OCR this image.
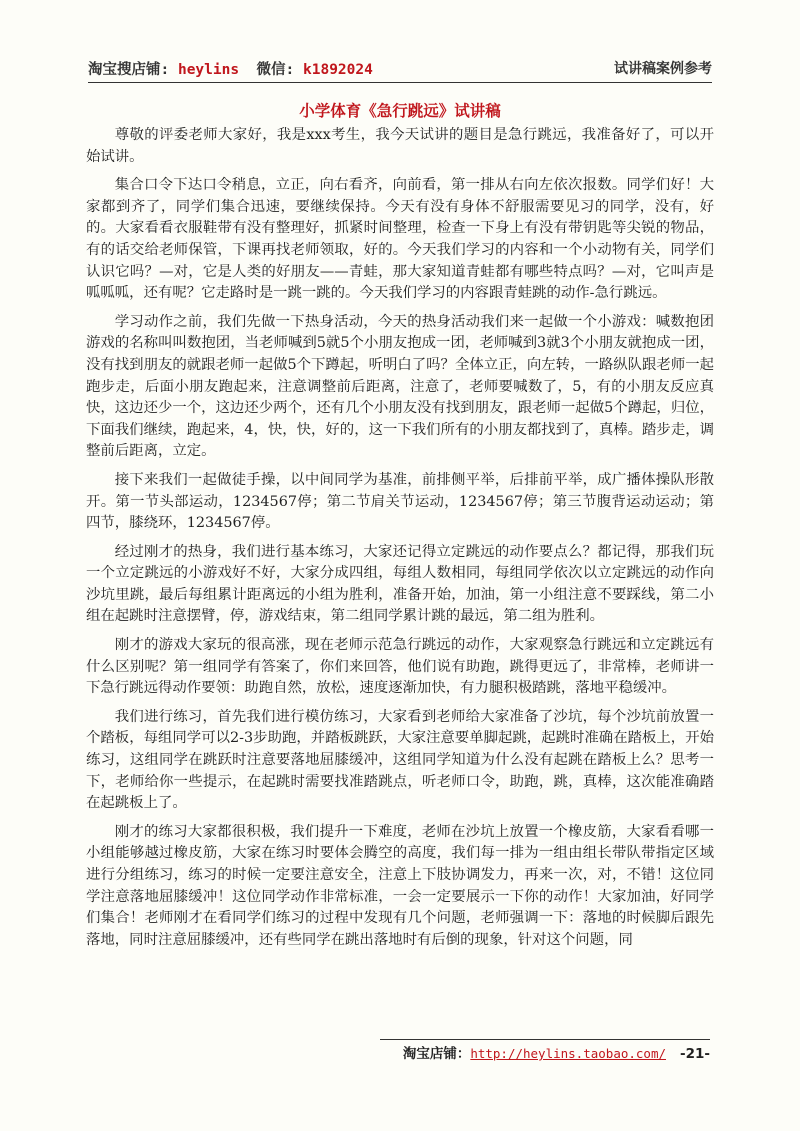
淘宝搜店铺: heylins  微信: k1892024	试讲稿案例参考
小学体育《急行跳远》试讲稿

尊敬的评委老师大家好，我是xxx考生，我今天试讲的题目是急行跳远，我准备好了，可以开始试讲。

集合口令下达口令稍息，立正，向右看齐，向前看，第一排从右向左依次报数。同学们好！大家都到齐了，同学们集合迅速，要继续保持。今天有没有身体不舒服需要见习的同学，没有，好的。大家看看衣服鞋带有没有整理好，抓紧时间整理，检查一下身上有没有带钥匙等尖锐的物品，有的话交给老师保管，下课再找老师领取，好的。今天我们学习的内容和一个小动物有关，同学们认识它吗？—对，它是人类的好朋友——青蛙，那大家知道青蛙都有哪些特点吗？—对，它叫声是呱呱呱，还有呢？它走路时是一跳一跳的。今天我们学习的内容跟青蛙跳的动作-急行跳远。

学习动作之前，我们先做一下热身活动，今天的热身活动我们来一起做一个小游戏：喊数抱团　　游戏的名称叫叫数抱团，当老师喊到5就5个小朋友抱成一团，老师喊到3就3个小朋友就抱成一团，没有找到朋友的就跟老师一起做5个下蹲起，听明白了吗？全体立正，向左转，一路纵队跟老师一起跑步走，后面小朋友跑起来，注意调整前后距离，注意了，老师要喊数了，5，有的小朋友反应真快，这边还少一个，这边还少两个，还有几个小朋友没有找到朋友，跟老师一起做5个蹲起，归位，下面我们继续，跑起来，4，快，快，好的，这一下我们所有的小朋友都找到了，真棒。踏步走，调整前后距离，立定。

接下来我们一起做徒手操，以中间同学为基准，前排侧平举，后排前平举，成广播体操队形散开。第一节头部运动，1234567停；第二节肩关节运动，1234567停；第三节腹背运动运动；第四节，膝绕环，1234567停。

经过刚才的热身，我们进行基本练习，大家还记得立定跳远的动作要点么？都记得，那我们玩一个立定跳远的小游戏好不好，大家分成四组，每组人数相同，每组同学依次以立定跳远的动作向沙坑里跳，最后每组累计距离远的小组为胜利，准备开始，加油，第一小组注意不要踩线，第二小组在起跳时注意摆臂，停，游戏结束，第二组同学累计跳的最远，第二组为胜利。

刚才的游戏大家玩的很高涨，现在老师示范急行跳远的动作，大家观察急行跳远和立定跳远有什么区别呢？第一组同学有答案了，你们来回答，他们说有助跑，跳得更远了，非常棒，老师讲一下急行跳远得动作要领：助跑自然，放松，速度逐渐加快，有力腿积极踏跳，落地平稳缓冲。

我们进行练习，首先我们进行模仿练习，大家看到老师给大家准备了沙坑，每个沙坑前放置一个踏板，每组同学可以2-3步助跑，并踏板跳跃，大家注意要单脚起跳，起跳时准确在踏板上，开始练习，这组同学在跳跃时注意要落地屈膝缓冲，这组同学知道为什么没有起跳在踏板上么？思考一下，老师给你一些提示，在起跳时需要找准踏跳点，听老师口令，助跑，跳，真棒，这次能准确踏在起跳板上了。

刚才的练习大家都很积极，我们提升一下难度，老师在沙坑上放置一个橡皮筋，大家看看哪一小组能够越过橡皮筋，大家在练习时要体会腾空的高度，我们每一排为一组由组长带队带指定区域进行分组练习，练习的时候一定要注意安全，注意上下肢协调发力，再来一次，对，不错！这位同学注意落地屈膝缓冲！这位同学动作非常标准，一会一定要展示一下你的动作！大家加油，好同学们集合！老师刚才在看同学们练习的过程中发现有几个问题，老师强调一下：落地的时候脚后跟先落地，同时注意屈膝缓冲，还有些同学在跳出落地时有后倒的现象，针对这个问题，同

淘宝店铺：http://heylins.taobao.com/ -21-
